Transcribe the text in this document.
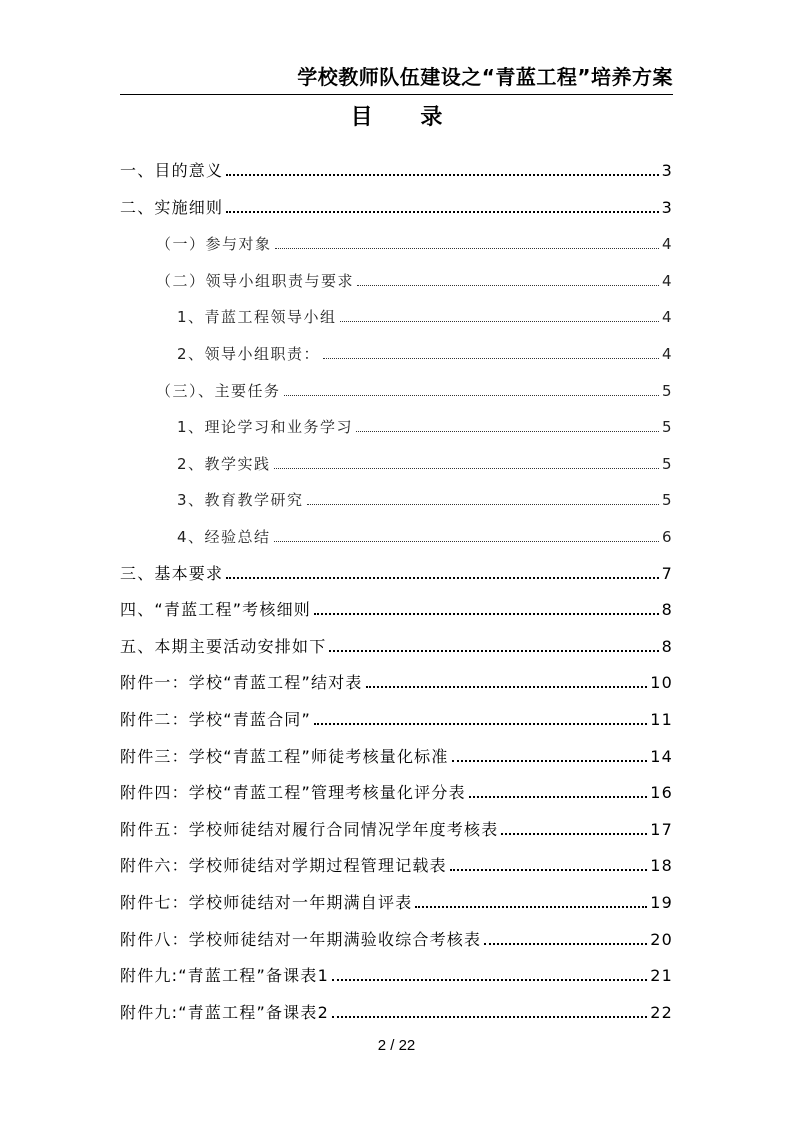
学校教师队伍建设之“青蓝工程”培养方案
目 录
一、目的意义	3
二、实施细则	3
（一）参与对象	4
（二）领导小组职责与要求	4
1、青蓝工程领导小组	4
2、领导小组职责：	4
（三）、主要任务	5
1、理论学习和业务学习	5
2、教学实践	5
3、教育教学研究	5
4、经验总结	6
三、基本要求	7
四、“青蓝工程”考核细则	8
五、本期主要活动安排如下	8
附件一：学校“青蓝工程”结对表	10
附件二：学校“青蓝合同”	11
附件三：学校“青蓝工程”师徒考核量化标准	14
附件四：学校“青蓝工程”管理考核量化评分表	16
附件五：学校师徒结对履行合同情况学年度考核表	17
附件六：学校师徒结对学期过程管理记载表	18
附件七：学校师徒结对一年期满自评表	19
附件八：学校师徒结对一年期满验收综合考核表	20
附件九:“青蓝工程”备课表1	21
附件九:“青蓝工程”备课表2	22
2 / 22
